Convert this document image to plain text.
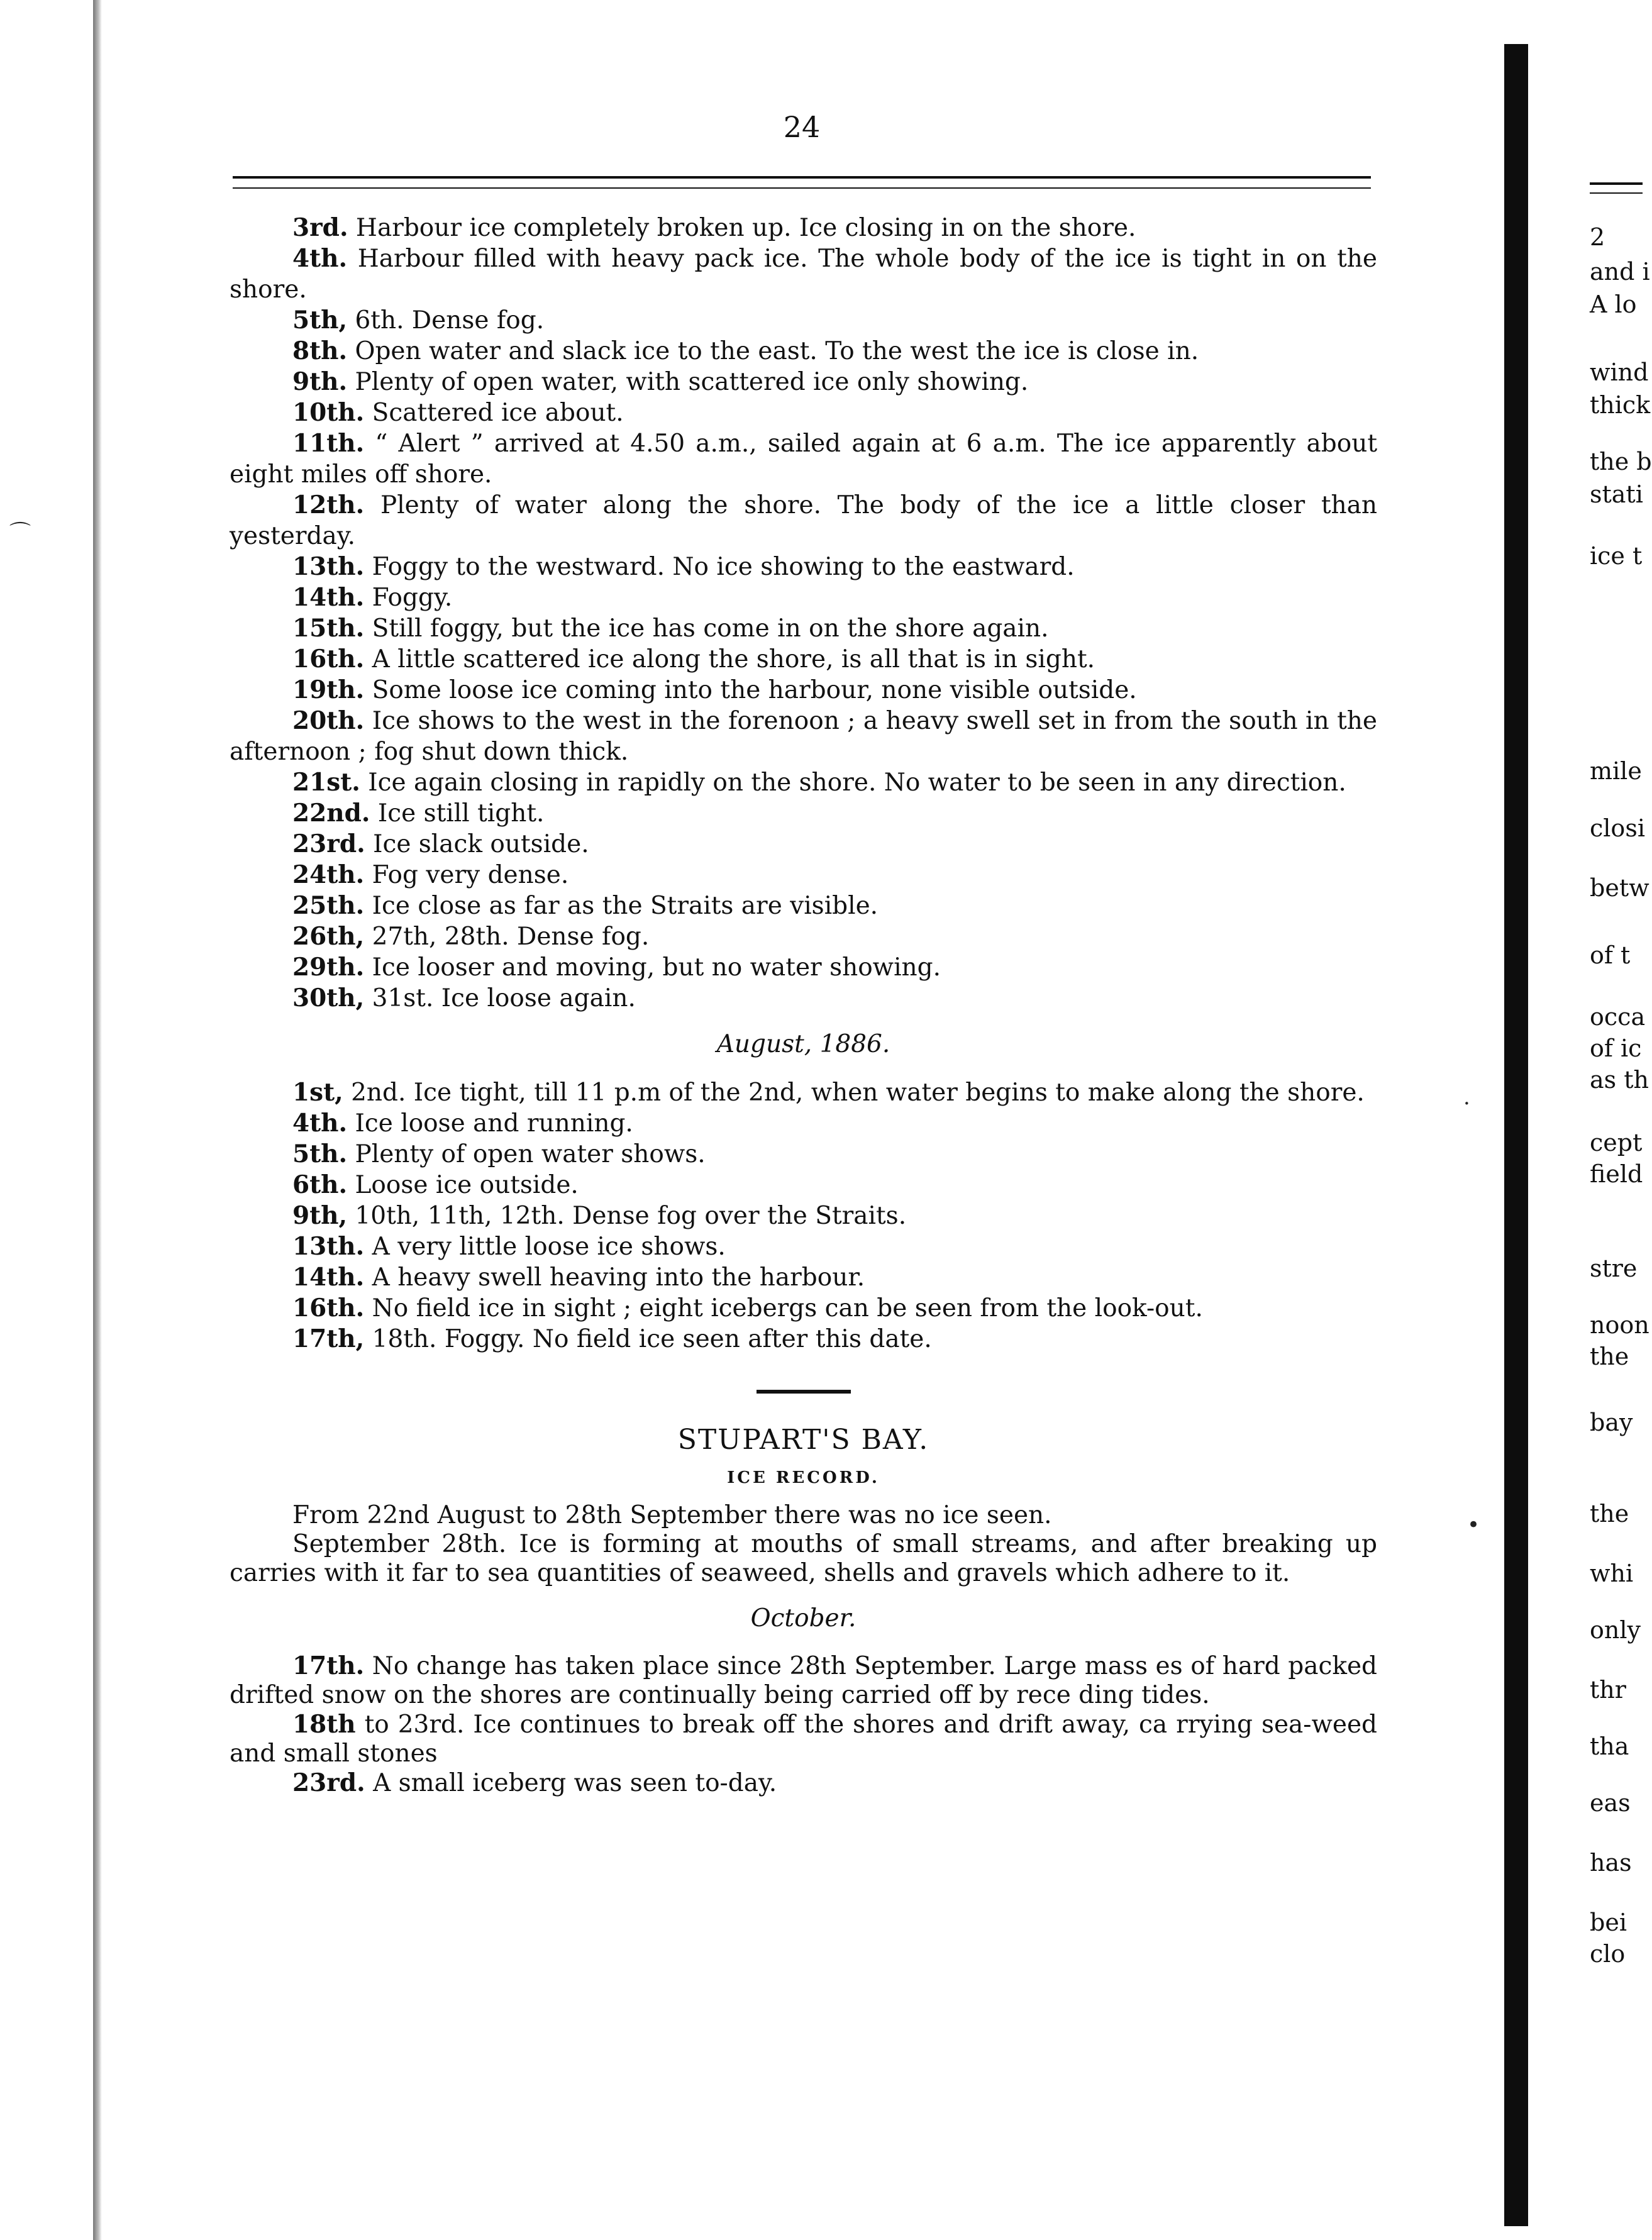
24

3rd. Harbour ice completely broken up. Ice closing in on the shore.

4th. Harbour filled with heavy pack ice. The whole body of the ice is tight in on the shore.

5th, 6th. Dense fog.

8th. Open water and slack ice to the east. To the west the ice is close in.

9th. Plenty of open water, with scattered ice only showing.

10th. Scattered ice about.

11th. “ Alert ” arrived at 4.50 a.m., sailed again at 6 a.m. The ice apparently about eight miles off shore.

12th. Plenty of water along the shore. The body of the ice a little closer than yesterday.

13th. Foggy to the westward. No ice showing to the eastward.

14th. Foggy.

15th. Still foggy, but the ice has come in on the shore again.

16th. A little scattered ice along the shore, is all that is in sight.

19th. Some loose ice coming into the harbour, none visible outside.

20th. Ice shows to the west in the forenoon ; a heavy swell set in from the south in the afternoon ; fog shut down thick.

21st. Ice again closing in rapidly on the shore. No water to be seen in any direction.

22nd. Ice still tight.

23rd. Ice slack outside.

24th. Fog very dense.

25th. Ice close as far as the Straits are visible.

26th, 27th, 28th. Dense fog.

29th. Ice looser and moving, but no water showing.

30th, 31st. Ice loose again.

August, 1886.

1st, 2nd. Ice tight, till 11 p.m of the 2nd, when water begins to make along the shore.

4th. Ice loose and running.

5th. Plenty of open water shows.

6th. Loose ice outside.

9th, 10th, 11th, 12th. Dense fog over the Straits.

13th. A very little loose ice shows.

14th. A heavy swell heaving into the harbour.

16th. No field ice in sight ; eight icebergs can be seen from the look-out.

17th, 18th. Foggy. No field ice seen after this date.

STUPART'S BAY.
ICE RECORD.

From 22nd August to 28th September there was no ice seen.

September 28th. Ice is forming at mouths of small streams, and after breaking up carries with it far to sea quantities of seaweed, shells and gravels which adhere to it.

October.

17th. No change has taken place since 28th September. Large mass es of hard packed drifted snow on the shores are continually being carried off by rece ding tides.

18th to 23rd. Ice continues to break off the shores and drift away, ca rrying sea-weed and small stones

23rd. A small iceberg was seen to-day.

2
and i
A lo
wind
thick
the b
stati
ice t
mile
closi
betw
of t
occa
of ic
as th
cept
field
stre
noon
the
bay
the
whi
only
thr
tha
eas
has
bei
clo
·
•
⌒
